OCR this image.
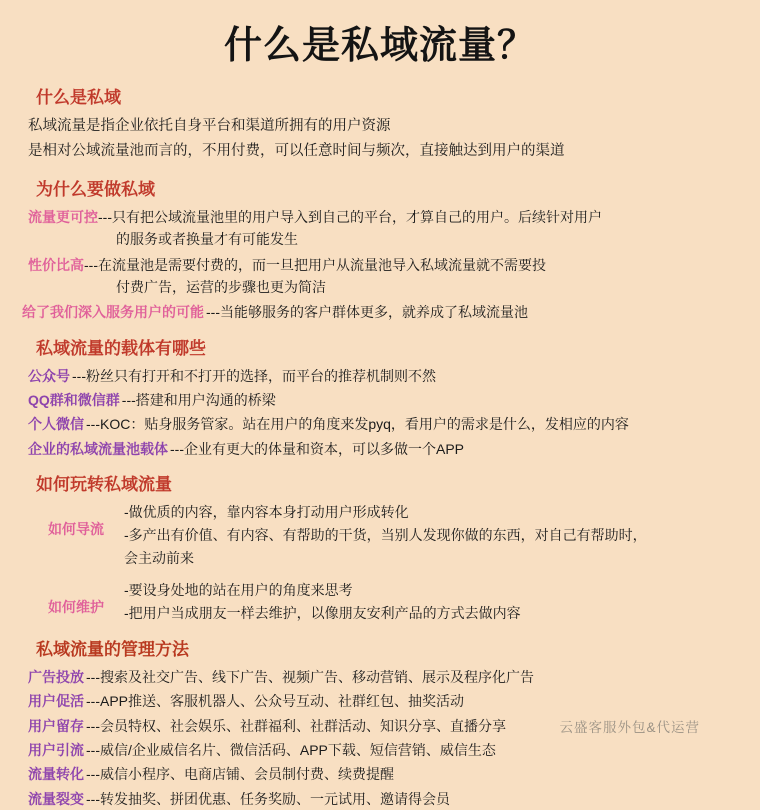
什么是私域流量？
什么是私域
私域流量是指企业依托自身平台和渠道所拥有的用户资源
是相对公域流量池而言的，不用付费，可以任意时间与频次，直接触达到用户的渠道
为什么要做私域
流量更可控---只有把公域流量池里的用户导入到自己的平台，才算自己的用户。后续针对用户
的服务或者换量才有可能发生
性价比高---在流量池是需要付费的，而一旦把用户从流量池导入私域流量就不需要投
付费广告，运营的步骤也更为简洁
给了我们深入服务用户的可能 ---当能够服务的客户群体更多，就养成了私域流量池
私域流量的载体有哪些
公众号 ---粉丝只有打开和不打开的选择，而平台的推荐机制则不然
QQ群和微信群 ---搭建和用户沟通的桥梁
个人微信 ---KOC：贴身服务管家。站在用户的角度来发pyq，看用户的需求是什么，发相应的内容
企业的私域流量池载体 ---企业有更大的体量和资本，可以多做一个APP
如何玩转私域流量
如何导流
-做优质的内容，靠内容本身打动用户形成转化
-多产出有价值、有内容、有帮助的干货，当别人发现你做的东西，对自己有帮助时，
会主动前来
如何维护
-要设身处地的站在用户的角度来思考
-把用户当成朋友一样去维护，以像朋友安利产品的方式去做内容
私域流量的管理方法
广告投放 ---搜索及社交广告、线下广告、视频广告、移动营销、展示及程序化广告
用户促活 ---APP推送、客服机器人、公众号互动、社群红包、抽奖活动
用户留存 ---会员特权、社会娱乐、社群福利、社群活动、知识分享、直播分享
用户引流 ---威信/企业威信名片、微信活码、APP下载、短信营销、威信生态
流量转化 ---威信小程序、电商店铺、会员制付费、续费提醒
流量裂变 ---转发抽奖、拼团优惠、任务奖励、一元试用、邀请得会员
云盛客服外包&代运营
